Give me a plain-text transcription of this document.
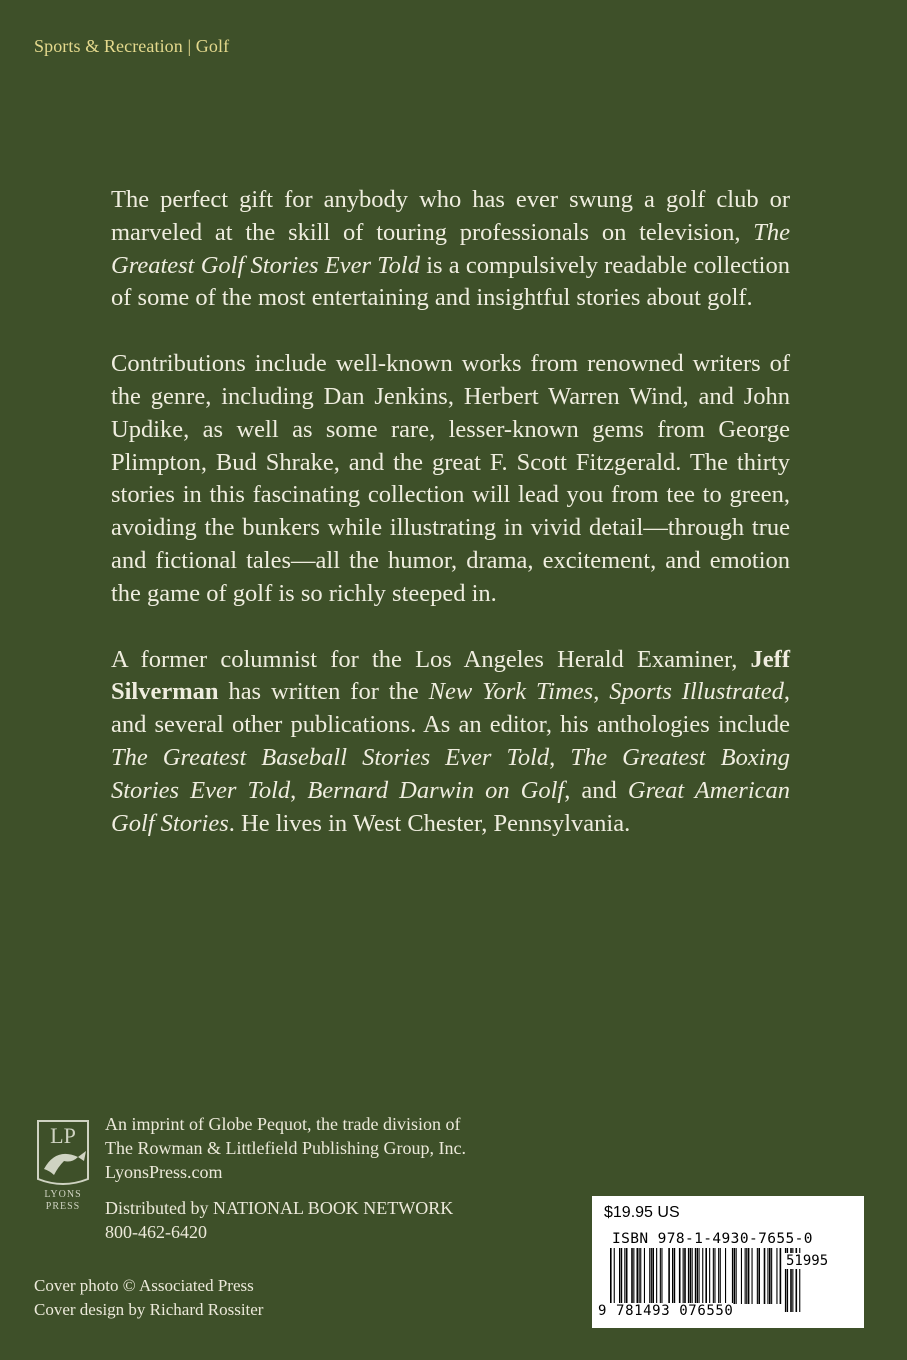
Sports & Recreation | Golf

The perfect gift for anybody who has ever swung a golf club or marveled at the skill of touring professionals on television, The Greatest Golf Stories Ever Told is a compulsively readable collection of some of the most entertaining and insightful stories about golf.

Contributions include well-known works from renowned writers of the genre, including Dan Jenkins, Herbert Warren Wind, and John Updike, as well as some rare, lesser-known gems from George Plimpton, Bud Shrake, and the great F. Scott Fitzgerald. The thirty stories in this fascinating collection will lead you from tee to green, avoiding the bunkers while illustrating in vivid detail—through true and fictional tales—all the humor, drama, excitement, and emotion the game of golf is so richly steeped in.

A former columnist for the Los Angeles Herald Examiner, Jeff Silverman has written for the New York Times, Sports Illustrated, and several other publications. As an editor, his anthologies include The Greatest Baseball Stories Ever Told, The Greatest Boxing Stories Ever Told, Bernard Darwin on Golf, and Great American Golf Stories. He lives in West Chester, Pennsylvania.

LP
LYONS
PRESS
An imprint of Globe Pequot, the trade division of
The Rowman & Littlefield Publishing Group, Inc.
LyonsPress.com
Distributed by NATIONAL BOOK NETWORK
800-462-6420
Cover photo © Associated Press
Cover design by Richard Rossiter
$19.95 US
ISBN 978-1-4930-7655-0
51995
9 781493 076550
